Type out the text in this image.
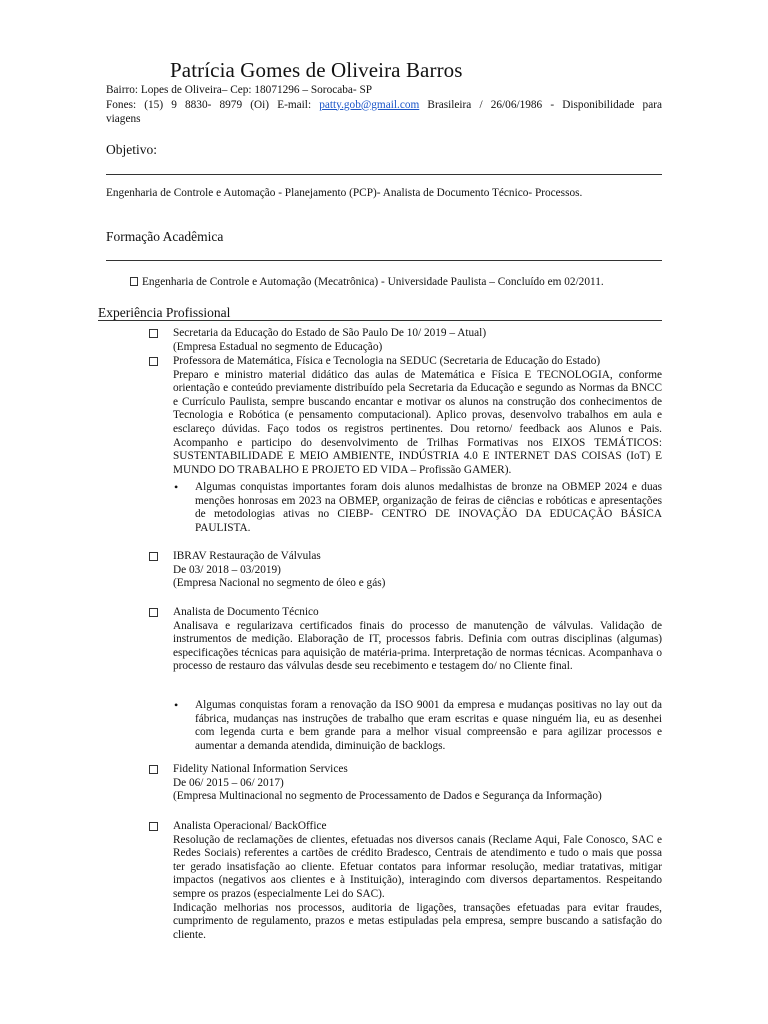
Patrícia Gomes de Oliveira Barros
Bairro: Lopes de Oliveira– Cep: 18071296 – Sorocaba- SP
Fones: (15) 9 8830- 8979 (Oi) E-mail: patty.gob@gmail.com Brasileira / 26/06/1986 - Disponibilidade para
viagens
Objetivo:
Engenharia de Controle e Automação - Planejamento (PCP)- Analista de Documento Técnico- Processos.
Formação Acadêmica
Engenharia de Controle e Automação (Mecatrônica) - Universidade Paulista – Concluído em 02/2011.
Experiência Profissional

Secretaria da Educação do Estado de São Paulo De 10/ 2019 – Atual)

(Empresa Estadual no segmento de Educação)

Professora de Matemática, Física e Tecnologia na SEDUC (Secretaria de Educação do Estado)

Preparo e ministro material didático das aulas de Matemática e Física E TECNOLOGIA, conforme orientação e conteúdo previamente distribuído pela Secretaria da Educação e segundo as Normas da BNCC e Currículo Paulista, sempre buscando encantar e motivar os alunos na construção dos conhecimentos de Tecnologia e Robótica (e pensamento computacional). Aplico provas, desenvolvo trabalhos em aula e esclareço dúvidas. Faço todos os registros pertinentes. Dou retorno/ feedback aos Alunos e Pais. Acompanho e participo do desenvolvimento de Trilhas Formativas nos EIXOS TEMÁTICOS: SUSTENTABILIDADE E MEIO AMBIENTE, INDÚSTRIA 4.0 E INTERNET DAS COISAS (IoT) E MUNDO DO TRABALHO E PROJETO ED VIDA – Profissão GAMER).

• Algumas conquistas importantes foram dois alunos medalhistas de bronze na OBMEP 2024 e duas menções honrosas em 2023 na OBMEP, organização de feiras de ciências e robóticas e apresentações de metodologias ativas no CIEBP- CENTRO DE INOVAÇÃO DA EDUCAÇÃO BÁSICA PAULISTA.

IBRAV Restauração de Válvulas

De 03/ 2018 – 03/2019)

(Empresa Nacional no segmento de óleo e gás)

Analista de Documento Técnico

Analisava e regularizava certificados finais do processo de manutenção de válvulas. Validação de instrumentos de medição. Elaboração de IT, processos fabris. Definia com outras disciplinas (algumas) especificações técnicas para aquisição de matéria-prima. Interpretação de normas técnicas. Acompanhava o processo de restauro das válvulas desde seu recebimento e testagem do/ no Cliente final.

• Algumas conquistas foram a renovação da ISO 9001 da empresa e mudanças positivas no lay out da fábrica, mudanças nas instruções de trabalho que eram escritas e quase ninguém lia, eu as desenhei com legenda curta e bem grande para a melhor visual compreensão e para agilizar processos e aumentar a demanda atendida, diminuição de backlogs.

Fidelity National Information Services

De 06/ 2015 – 06/ 2017)

(Empresa Multinacional no segmento de Processamento de Dados e Segurança da Informação)

Analista Operacional/ BackOffice

Resolução de reclamações de clientes, efetuadas nos diversos canais (Reclame Aqui, Fale Conosco, SAC e Redes Sociais) referentes a cartões de crédito Bradesco, Centrais de atendimento e tudo o mais que possa ter gerado insatisfação ao cliente. Efetuar contatos para informar resolução, mediar tratativas, mitigar impactos (negativos aos clientes e à Instituição), interagindo com diversos departamentos. Respeitando sempre os prazos (especialmente Lei do SAC).

Indicação melhorias nos processos, auditoria de ligações, transações efetuadas para evitar fraudes, cumprimento de regulamento, prazos e metas estipuladas pela empresa, sempre buscando a satisfação do cliente.
